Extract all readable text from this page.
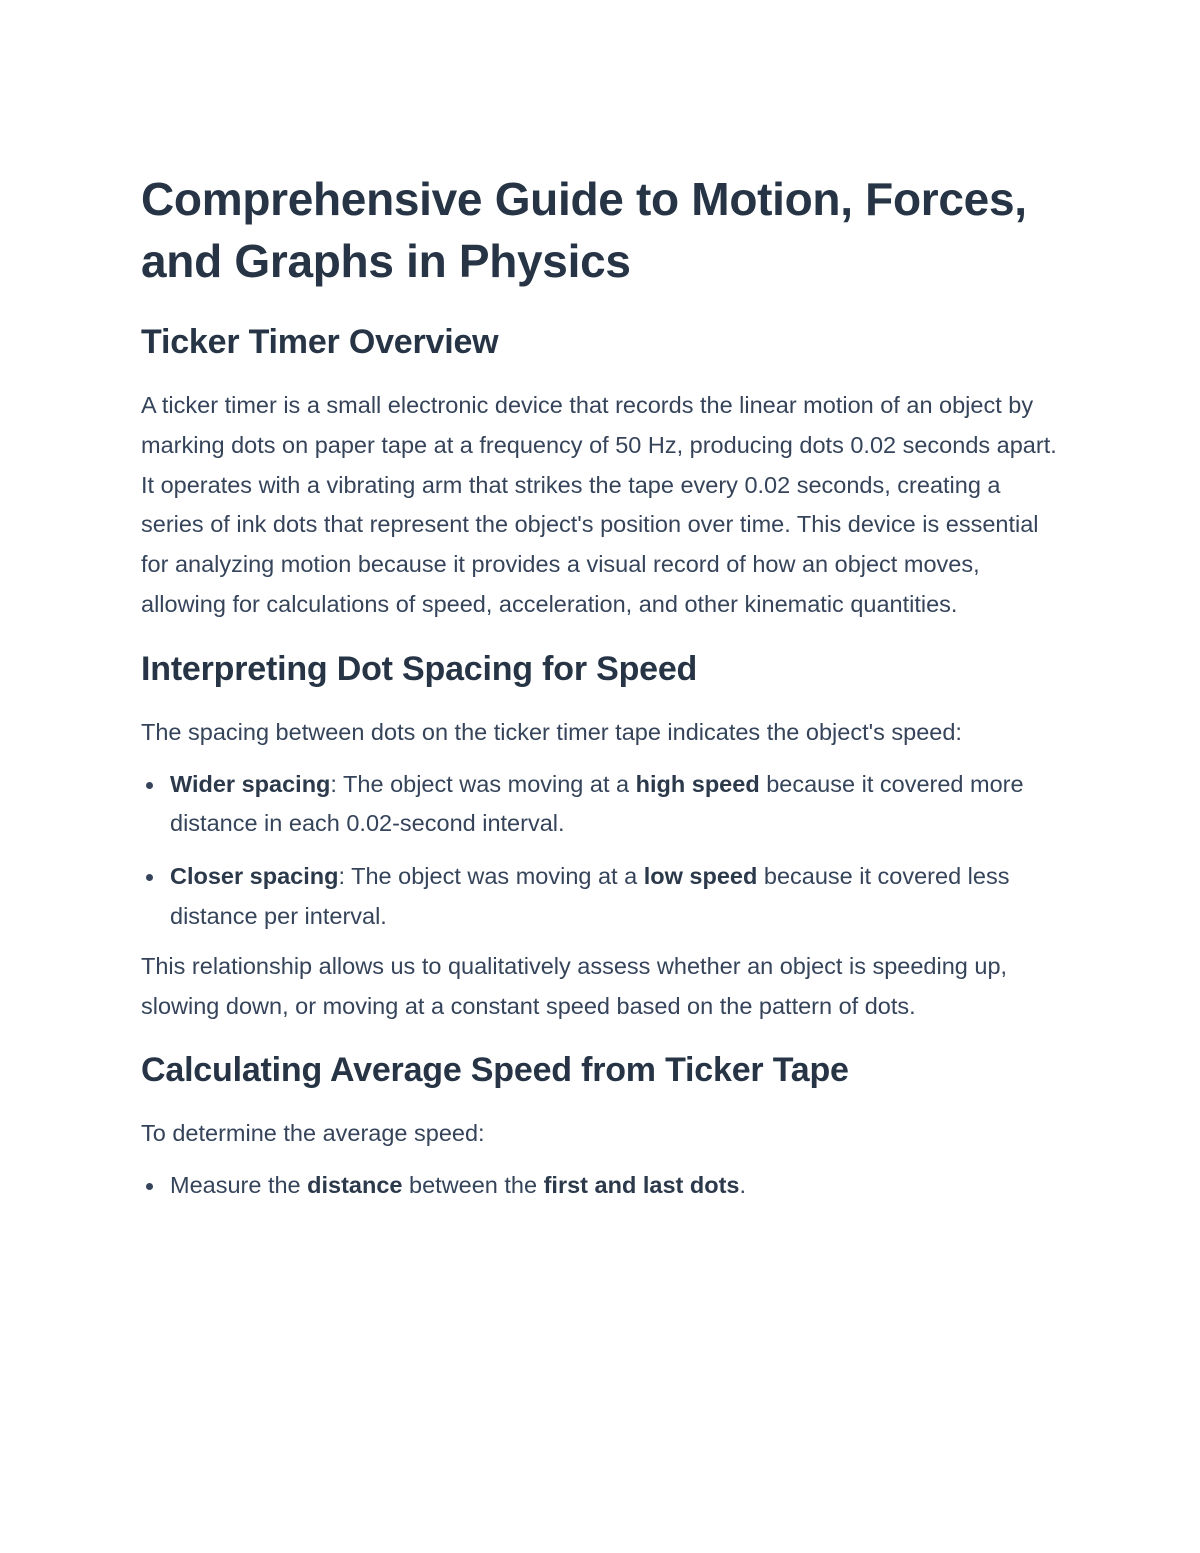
Comprehensive Guide to Motion, Forces, and Graphs in Physics
Ticker Timer Overview

A ticker timer is a small electronic device that records the linear motion of an object by marking dots on paper tape at a frequency of 50 Hz, producing dots 0.02 seconds apart. It operates with a vibrating arm that strikes the tape every 0.02 seconds, creating a series of ink dots that represent the object's position over time. This device is essential for analyzing motion because it provides a visual record of how an object moves, allowing for calculations of speed, acceleration, and other kinematic quantities.

Interpreting Dot Spacing for Speed

The spacing between dots on the ticker timer tape indicates the object's speed:

Wider spacing: The object was moving at a high speed because it covered more distance in each 0.02-second interval.
Closer spacing: The object was moving at a low speed because it covered less distance per interval.

This relationship allows us to qualitatively assess whether an object is speeding up, slowing down, or moving at a constant speed based on the pattern of dots.

Calculating Average Speed from Ticker Tape

To determine the average speed:

Measure the distance between the first and last dots.
